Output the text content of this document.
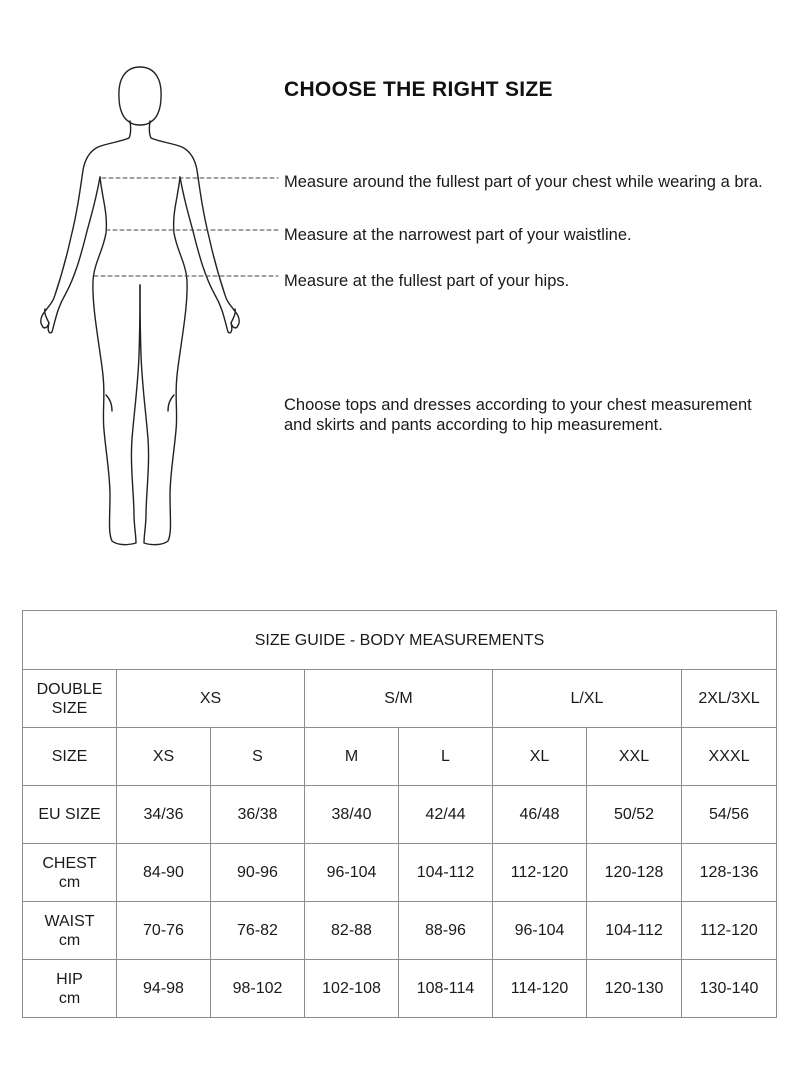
CHOOSE THE RIGHT SIZE
Measure around the fullest part of your chest while wearing a bra.
Measure at the narrowest part of your waistline.
Measure at the fullest part of your hips.
Choose tops and dresses according to your chest measurement and skirts and pants according to hip measurement.
SIZE GUIDE - BODY MEASUREMENTS							

DOUBLE
SIZE	XS		S/M		L/XL		2XL/3XL
SIZE	XS	S	M	L	XL	XXL	XXXL
EU SIZE	34/36	36/38	38/40	42/44	46/48	50/52	54/56

CHEST
cm	84-90	90-96	96-104	104-112	112-120	120-128	128-136

WAIST
cm	70-76	76-82	82-88	88-96	96-104	104-112	112-120

HIP
cm	94-98	98-102	102-108	108-114	114-120	120-130	130-140
